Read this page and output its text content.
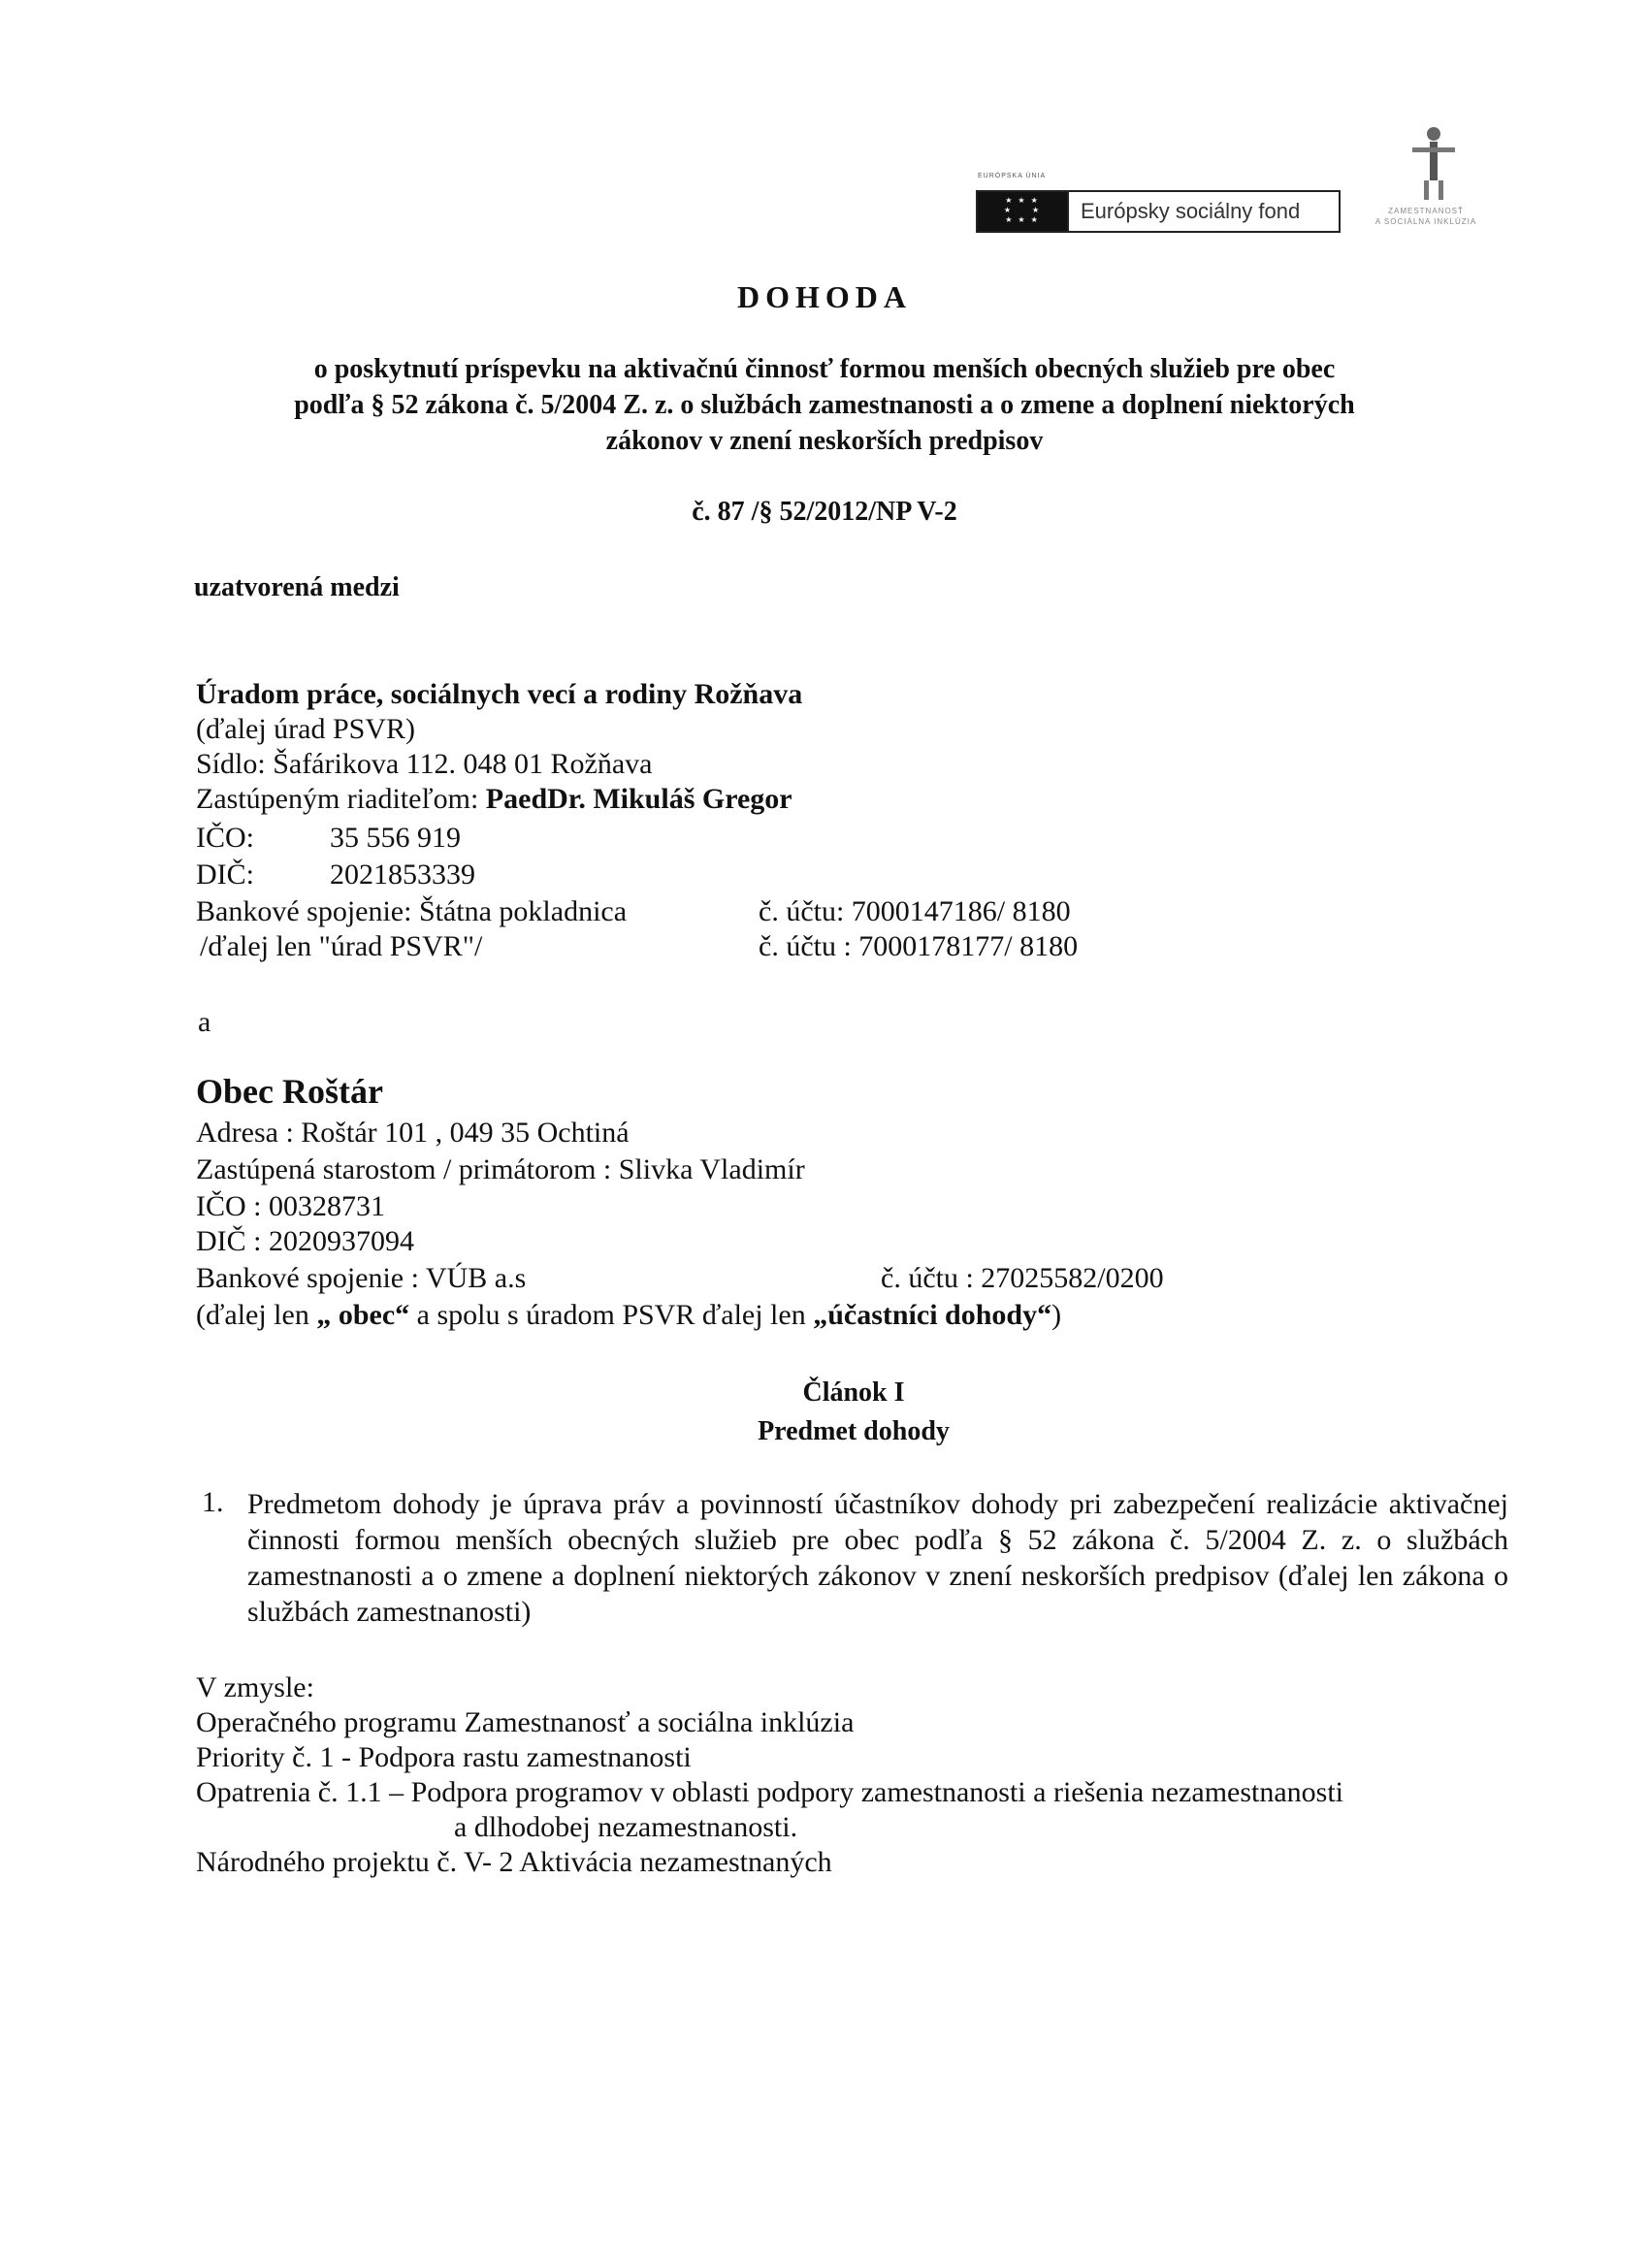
EURÓPSKA ÚNIA
★ ★ ★
★     ★
★ ★ ★	Európsky sociálny fond	ZAMESTNANOSŤ
A SOCIÁLNA INKLÚZIA
DOHODA
o poskytnutí príspevku na aktivačnú činnosť formou menších obecných služieb pre obec
podľa § 52 zákona č. 5/2004 Z. z. o službách zamestnanosti a o zmene a doplnení niektorých
zákonov v znení neskorších predpisov
č. 87 /§ 52/2012/NP V-2
uzatvorená medzi
Úradom práce, sociálnych vecí a rodiny Rožňava
(ďalej úrad PSVR)
Sídlo: Šafárikova 112. 048 01 Rožňava
Zastúpeným riaditeľom: PaedDr. Mikuláš Gregor
IČO:	35 556 919
DIČ:	2021853339
Bankové spojenie: Štátna pokladnica	č. účtu: 7000147186/ 8180
/ďalej len "úrad PSVR"/	č. účtu : 7000178177/ 8180
a
Obec Roštár
Adresa : Roštár 101 , 049 35 Ochtiná
Zastúpená starostom / primátorom : Slivka Vladimír
IČO : 00328731
DIČ : 2020937094
Bankové spojenie : VÚB a.s	č. účtu : 27025582/0200
(ďalej len „ obec“ a spolu s úradom PSVR ďalej len „účastníci dohody“)
Článok I
Predmet dohody
1. Predmetom dohody je úprava práv a povinností účastníkov dohody pri zabezpečení realizácie aktivačnej činnosti formou menších obecných služieb pre obec podľa § 52 zákona č. 5/2004 Z. z. o službách zamestnanosti a o zmene a doplnení niektorých zákonov v znení neskorších predpisov (ďalej len zákona o službách zamestnanosti)
V zmysle:
Operačného programu Zamestnanosť a sociálna inklúzia
Priority č. 1 - Podpora rastu zamestnanosti
Opatrenia č. 1.1 – Podpora programov v oblasti podpory zamestnanosti a riešenia nezamestnanosti
a dlhodobej nezamestnanosti.
Národného projektu č. V- 2 Aktivácia nezamestnaných
